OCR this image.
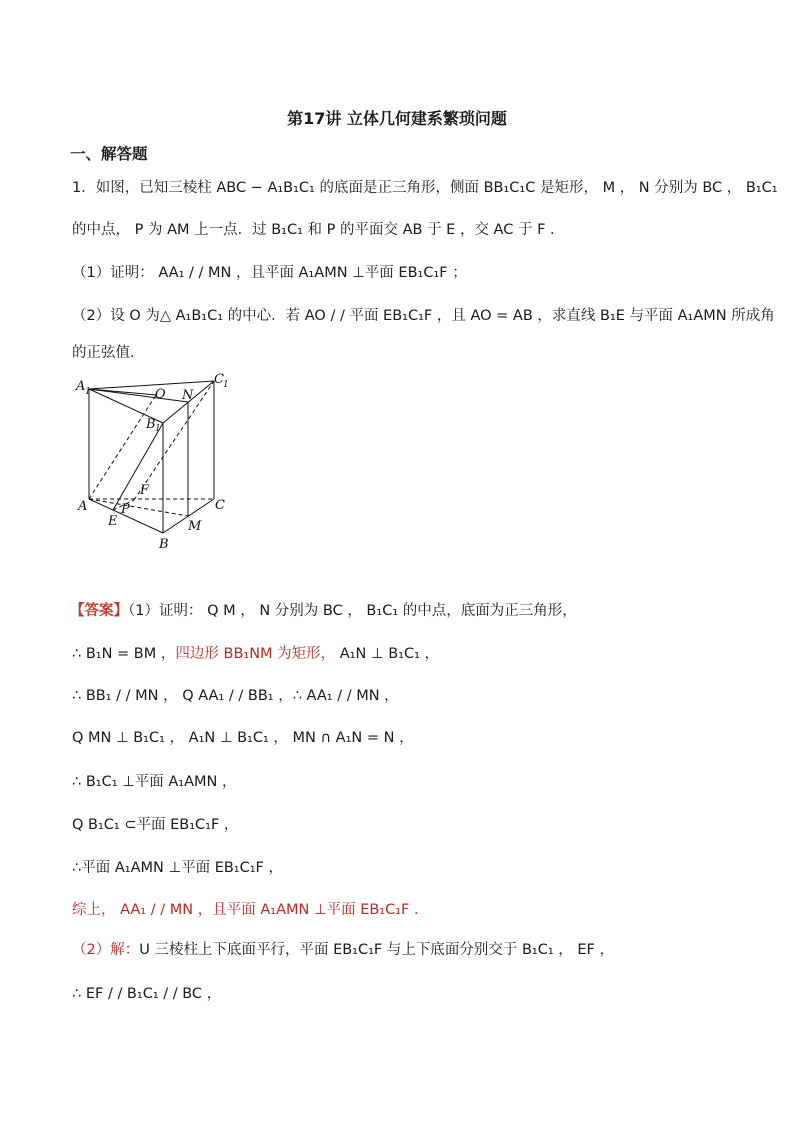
第17讲 立体几何建系繁琐问题
一、解答题
1．如图，已知三棱柱 ABC − A₁B₁C₁ 的底面是正三角形，侧面 BB₁C₁C 是矩形， M ， N 分别为 BC ， B₁C₁
的中点， P 为 AM 上一点．过 B₁C₁ 和 P 的平面交 AB 于 E ，交 AC 于 F ．
（1）证明： AA₁ / / MN ，且平面 A₁AMN ⊥平面 EB₁C₁F ；
（2）设 O 为△ A₁B₁C₁ 的中心．若 AO / / 平面 EB₁C₁F ，且 AO = AB ，求直线 B₁E 与平面 A₁AMN 所成角
的正弦值．
A 1	O N
C 1
B 1
F
A
E
P
M
C
B
【答案】（1）证明： Q M ， N 分别为 BC ， B₁C₁ 的中点，底面为正三角形，
∴ B₁N = BM ，四边形 BB₁NM 为矩形， A₁N ⊥ B₁C₁ ，
∴ BB₁ / / MN ， Q AA₁ / / BB₁ ，∴ AA₁ / / MN ，
Q MN ⊥ B₁C₁ ， A₁N ⊥ B₁C₁ ， MN ∩ A₁N = N ，
∴ B₁C₁ ⊥平面 A₁AMN ，
Q B₁C₁ ⊂平面 EB₁C₁F ，
∴平面 A₁AMN ⊥平面 EB₁C₁F ，
综上， AA₁ / / MN ，且平面 A₁AMN ⊥平面 EB₁C₁F ．
（2）解：U 三棱柱上下底面平行，平面 EB₁C₁F 与上下底面分别交于 B₁C₁ ， EF ，
∴ EF / / B₁C₁ / / BC ，
